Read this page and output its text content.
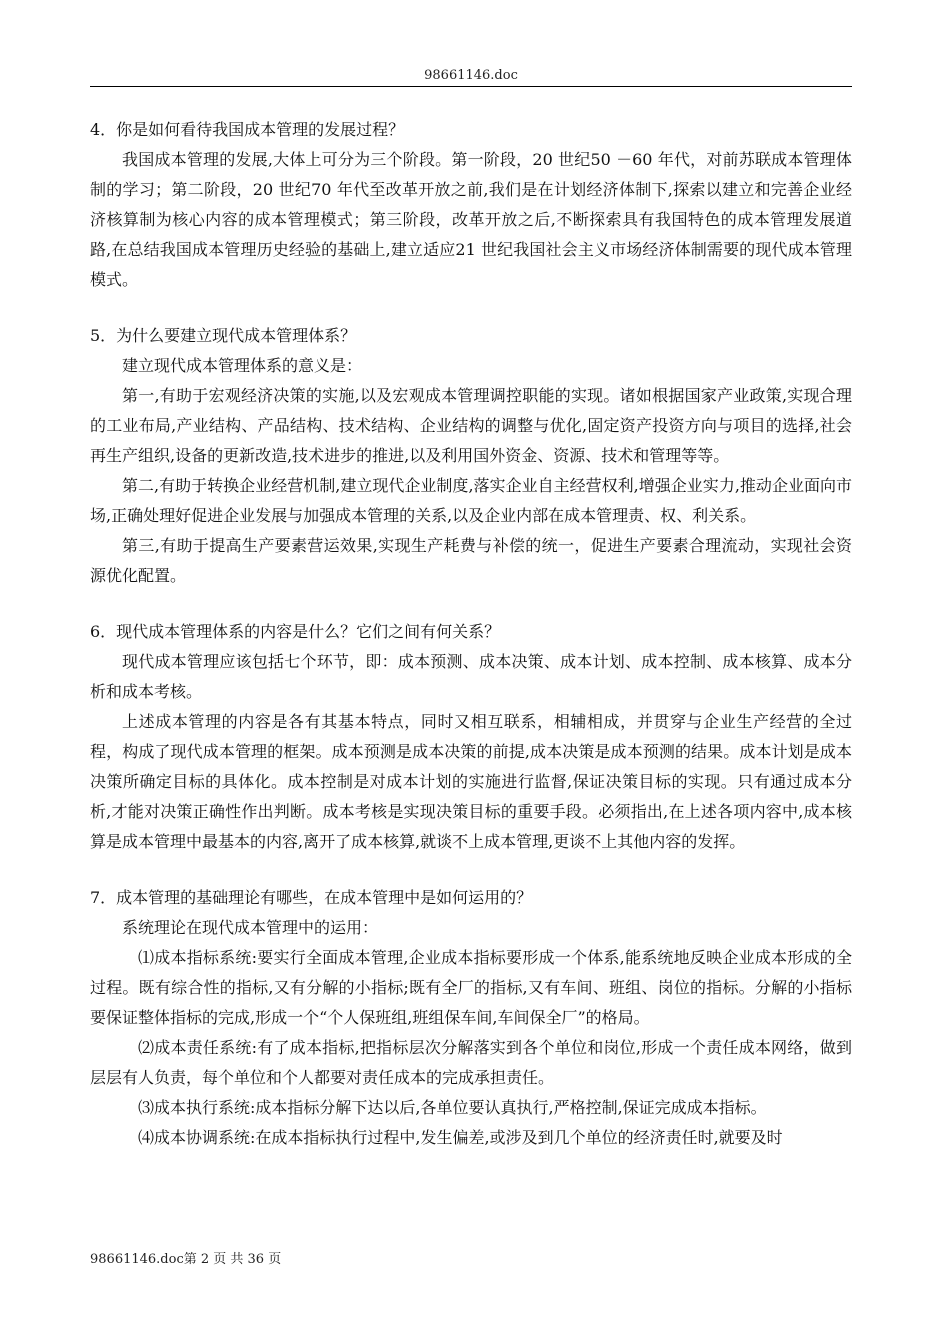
98661146.doc

4．你是如何看待我国成本管理的发展过程？

我国成本管理的发展,大体上可分为三个阶段。第一阶段，20 世纪50 －60 年代，对前苏联成本管理体制的学习；第二阶段，20 世纪70 年代至改革开放之前,我们是在计划经济体制下,探索以建立和完善企业经济核算制为核心内容的成本管理模式；第三阶段，改革开放之后,不断探索具有我国特色的成本管理发展道路,在总结我国成本管理历史经验的基础上,建立适应21 世纪我国社会主义市场经济体制需要的现代成本管理模式。

5．为什么要建立现代成本管理体系？

建立现代成本管理体系的意义是：

第一,有助于宏观经济决策的实施,以及宏观成本管理调控职能的实现。诸如根据国家产业政策,实现合理的工业布局,产业结构、产品结构、技术结构、企业结构的调整与优化,固定资产投资方向与项目的选择,社会再生产组织,设备的更新改造,技术进步的推进,以及利用国外资金、资源、技术和管理等等。

第二,有助于转换企业经营机制,建立现代企业制度,落实企业自主经营权利,增强企业实力,推动企业面向市场,正确处理好促进企业发展与加强成本管理的关系,以及企业内部在成本管理责、权、利关系。

第三,有助于提高生产要素营运效果,实现生产耗费与补偿的统一，促进生产要素合理流动，实现社会资源优化配置。

6．现代成本管理体系的内容是什么？它们之间有何关系？

现代成本管理应该包括七个环节，即：成本预测、成本决策、成本计划、成本控制、成本核算、成本分析和成本考核。

上述成本管理的内容是各有其基本特点，同时又相互联系，相辅相成，并贯穿与企业生产经营的全过程，构成了现代成本管理的框架。成本预测是成本决策的前提,成本决策是成本预测的结果。成本计划是成本决策所确定目标的具体化。成本控制是对成本计划的实施进行监督,保证决策目标的实现。只有通过成本分析,才能对决策正确性作出判断。成本考核是实现决策目标的重要手段。必须指出,在上述各项内容中,成本核算是成本管理中最基本的内容,离开了成本核算,就谈不上成本管理,更谈不上其他内容的发挥。

7．成本管理的基础理论有哪些，在成本管理中是如何运用的？

系统理论在现代成本管理中的运用：

⑴成本指标系统:要实行全面成本管理,企业成本指标要形成一个体系,能系统地反映企业成本形成的全过程。既有综合性的指标,又有分解的小指标;既有全厂的指标,又有车间、班组、岗位的指标。分解的小指标要保证整体指标的完成,形成一个“个人保班组,班组保车间,车间保全厂”的格局。

⑵成本责任系统:有了成本指标,把指标层次分解落实到各个单位和岗位,形成一个责任成本网络，做到层层有人负责，每个单位和个人都要对责任成本的完成承担责任。

⑶成本执行系统:成本指标分解下达以后,各单位要认真执行,严格控制,保证完成成本指标。

⑷成本协调系统:在成本指标执行过程中,发生偏差,或涉及到几个单位的经济责任时,就要及时

98661146.doc第 2 页 共 36 页
